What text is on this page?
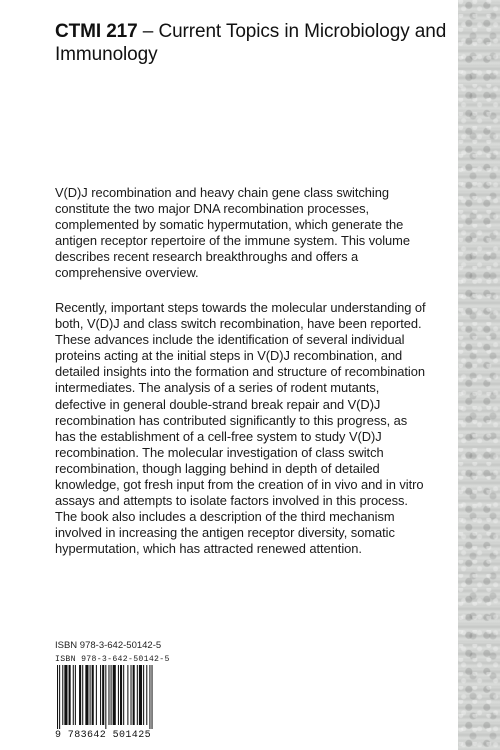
CTMI 217 – Current Topics in Microbiology and Immunology

V(D)J recombination and heavy chain gene class switching constitute the two major DNA recombination processes, complemented by somatic hypermutation, which generate the antigen receptor repertoire of the immune system. This volume describes recent research breakthroughs and offers a comprehensive overview.

Recently, important steps towards the molecular understanding of both, V(D)J and class switch recombination, have been reported. These advances include the identification of several individual proteins acting at the initial steps in V(D)J recombination, and detailed insights into the formation and structure of recombination intermediates. The analysis of a series of rodent mutants, defective in general double-strand break repair and V(D)J recombination has contributed significantly to this progress, as has the establishment of a cell-free system to study V(D)J recombination. The molecular investigation of class switch recombination, though lagging behind in depth of detailed knowledge, got fresh input from the creation of in vivo and in vitro assays and attempts to isolate factors involved in this process. The book also includes a description of the third mechanism involved in increasing the antigen receptor diversity, somatic hypermutation, which has attracted renewed attention.

ISBN 978-3-642-50142-5
ISBN 978-3-642-50142-5
9 783642 501425
